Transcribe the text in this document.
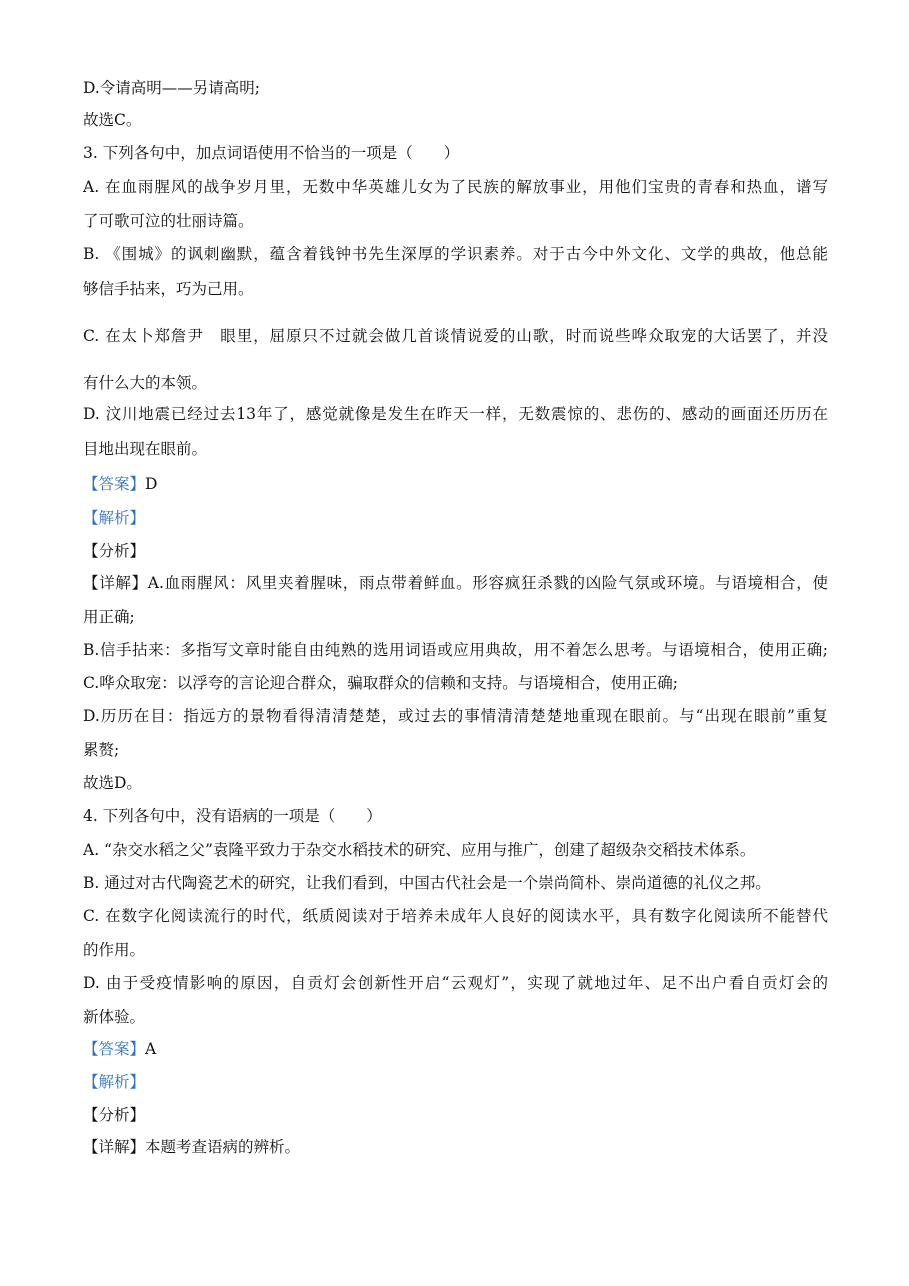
D.令请高明——另请高明;
故选C。
3. 下列各句中，加点词语使用不恰当的一项是（　　）
A. 在血雨腥风的战争岁月里，无数中华英雄儿女为了民族的解放事业，用他们宝贵的青春和热血，谱写
了可歌可泣的壮丽诗篇。
B. 《围城》的讽刺幽默，蕴含着钱钟书先生深厚的学识素养。对于古今中外文化、文学的典故，他总能
够信手拈来，巧为己用。
C. 在太卜郑詹尹　眼里，屈原只不过就会做几首谈情说爱的山歌，时而说些哗众取宠的大话罢了，并没
有什么大的本领。
D. 汶川地震已经过去13年了，感觉就像是发生在昨天一样，无数震惊的、悲伤的、感动的画面还历历在
目地出现在眼前。
【答案】D
【解析】
【分析】
【详解】A.血雨腥风：风里夹着腥味，雨点带着鲜血。形容疯狂杀戮的凶险气氛或环境。与语境相合，使
用正确;
B.信手拈来：多指写文章时能自由纯熟的选用词语或应用典故，用不着怎么思考。与语境相合，使用正确;
C.哗众取宠：以浮夸的言论迎合群众，骗取群众的信赖和支持。与语境相合，使用正确;
D.历历在目：指远方的景物看得清清楚楚，或过去的事情清清楚楚地重现在眼前。与“出现在眼前”重复
累赘;
故选D。
4. 下列各句中，没有语病的一项是（　　）
A. “杂交水稻之父”袁隆平致力于杂交水稻技术的研究、应用与推广，创建了超级杂交稻技术体系。
B. 通过对古代陶瓷艺术的研究，让我们看到，中国古代社会是一个崇尚简朴、崇尚道德的礼仪之邦。
C. 在数字化阅读流行的时代，纸质阅读对于培养未成年人良好的阅读水平，具有数字化阅读所不能替代
的作用。
D. 由于受疫情影响的原因，自贡灯会创新性开启“云观灯”，实现了就地过年、足不出户看自贡灯会的
新体验。
【答案】A
【解析】
【分析】
【详解】本题考查语病的辨析。
